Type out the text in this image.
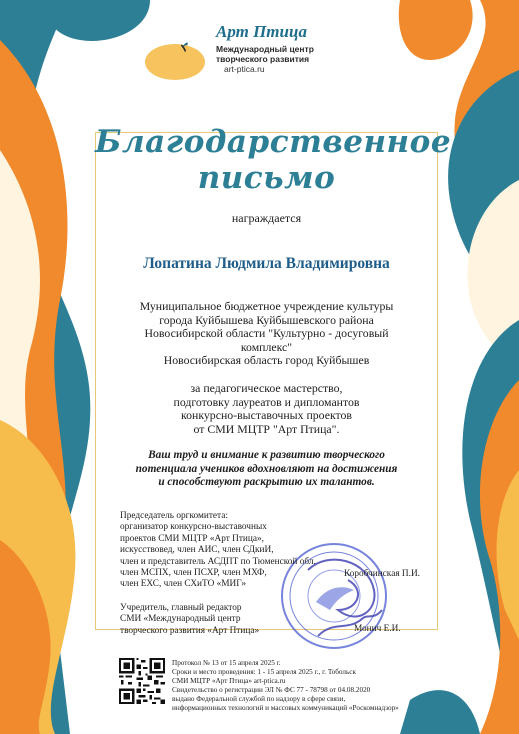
Арт Птица
Международный центр
творческого развития
art-ptica.ru
Благодарственное
письмо
награждается
Лопатина Людмила Владимировна
Муниципальное бюджетное учреждение культуры
города Куйбышева Куйбышевского района
Новосибирской области "Культурно - досуговый
комплекс"
Новосибирская область город Куйбышев
за педагогическое мастерство,
подготовку лауреатов и дипломантов
конкурсно-выставочных проектов
от СМИ МЦТР "Арт Птица".
Ваш труд и внимание к развитию творческого
потенциала учеников вдохновляют на достижения
и способствуют раскрытию их талантов.
Председатель оргкомитета:
организатор конкурсно-выставочных
проектов СМИ МЦТР «Арт Птица»,
искусствовед, член АИС, член СДкиИ,
член и представитель АСДПТ по Тюменской обл.
член МСПХ, член ПСХР, член МХФ,
член ЕХС, член СХиТО «МИГ»
Коробчинская П.И.
Учредитель, главный редактор
СМИ «Международный центр
творческого развития «Арт Птица»	Монич Е.И.
Протокол № 13 от 15 апреля 2025 г.
Сроки и место проведения: 1 - 15 апреля 2025 г., г. Тобольск
СМИ МЦТР «Арт Птица» art-ptica.ru
Свидетельство о регистрации ЭЛ № ФС 77 - 78798 от 04.08.2020
выдано Федеральной службой по надзору в сфере связи,
информационных технологий и массовых коммуникаций «Роскомнадзор»
